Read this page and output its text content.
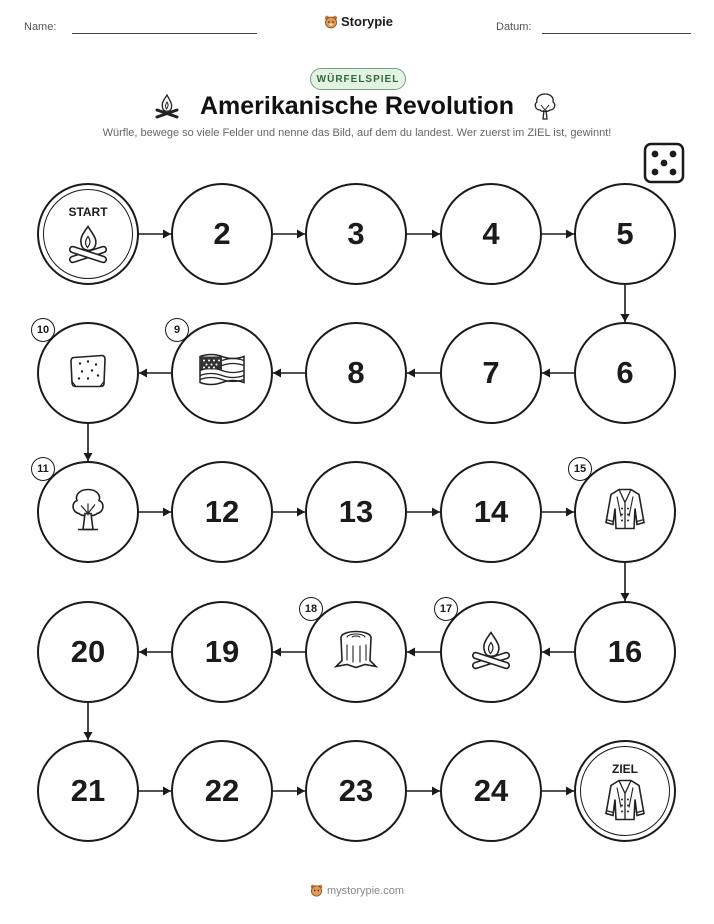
Name:	Storypie	Datum:
WÜRFELSPIEL
Amerikanische Revolution
Würfle, bewege so viele Felder und nenne das Bild, auf dem du landest. Wer zuerst im ZIEL ist, gewinnt!
ZIEL
24
23
22
21
20	19	16
14
13
12
8	7	6
5
4
3
2
START
9
10
11	15
17
18
mystorypie.com
